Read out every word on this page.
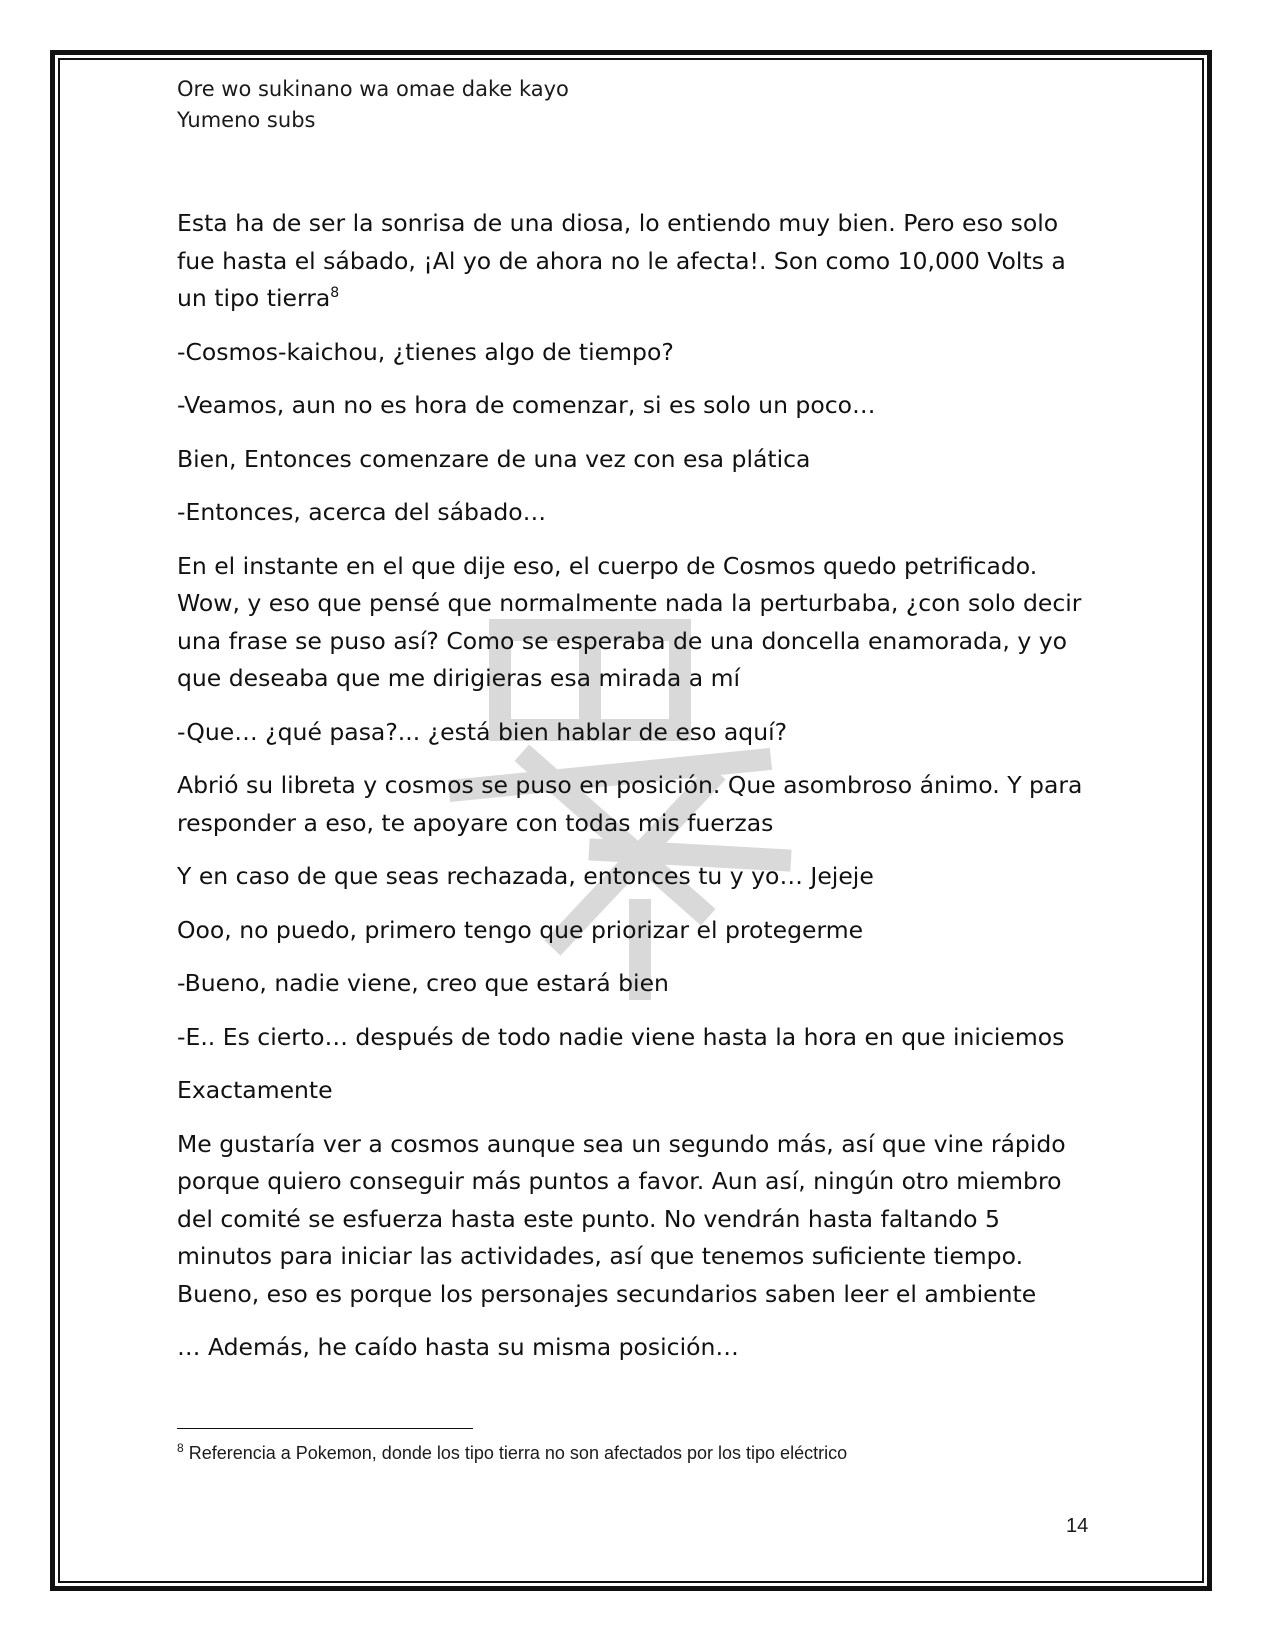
Ore wo sukinano wa omae dake kayo
Yumeno subs

Esta ha de ser la sonrisa de una diosa, lo entiendo muy bien. Pero eso solo fue hasta el sábado, ¡Al yo de ahora no le afecta!. Son como 10,000 Volts a un tipo tierra$^8$

-Cosmos-kaichou, ¿tienes algo de tiempo?

-Veamos, aun no es hora de comenzar, si es solo un poco…

Bien, Entonces comenzare de una vez con esa plática

-Entonces, acerca del sábado…

En el instante en el que dije eso, el cuerpo de Cosmos quedo petrificado. Wow, y eso que pensé que normalmente nada la perturbaba, ¿con solo decir una frase se puso así? Como se esperaba de una doncella enamorada, y yo que deseaba que me dirigieras esa mirada a mí

-Que… ¿qué pasa?... ¿está bien hablar de eso aquí?

Abrió su libreta y cosmos se puso en posición. Que asombroso ánimo. Y para responder a eso, te apoyare con todas mis fuerzas

Y en caso de que seas rechazada, entonces tu y yo… Jejeje

Ooo, no puedo, primero tengo que priorizar el protegerme

-Bueno, nadie viene, creo que estará bien

-E.. Es cierto… después de todo nadie viene hasta la hora en que iniciemos

Exactamente

Me gustaría ver a cosmos aunque sea un segundo más, así que vine rápido porque quiero conseguir más puntos a favor. Aun así, ningún otro miembro del comité se esfuerza hasta este punto. No vendrán hasta faltando 5 minutos para iniciar las actividades, así que tenemos suficiente tiempo. Bueno, eso es porque los personajes secundarios saben leer el ambiente

… Además, he caído hasta su misma posición…

$^8$ Referencia a Pokemon, donde los tipo tierra no son afectados por los tipo eléctrico
14
